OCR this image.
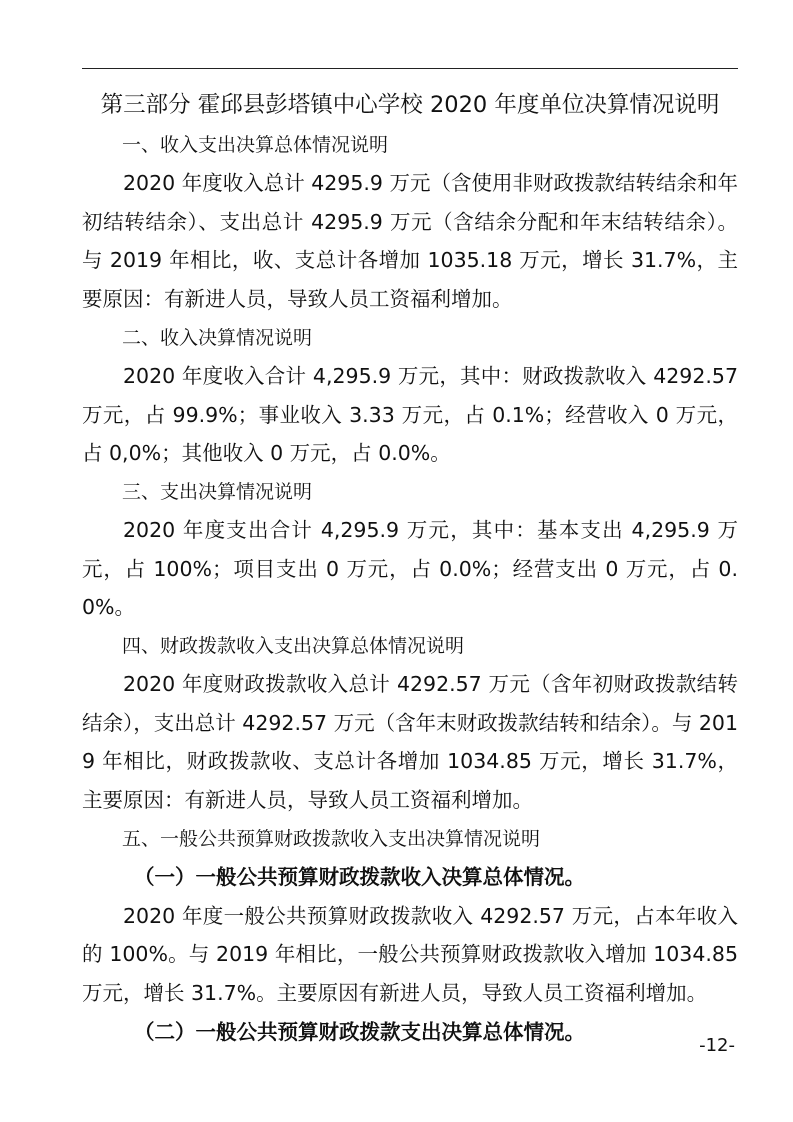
第三部分 霍邱县彭塔镇中心学校 2020 年度单位决算情况说明
一、收入支出决算总体情况说明

2020 年度收入总计 4295.9 万元（含使用非财政拨款结转结余和年初结转结余）、支出总计 4295.9 万元（含结余分配和年末结转结余）。与 2019 年相比，收、支总计各增加 1035.18 万元，增长 31.7%，主要原因：有新进人员，导致人员工资福利增加。

二、收入决算情况说明

2020 年度收入合计 4,295.9 万元，其中：财政拨款收入 4292.57 万元，占 99.9%；事业收入 3.33 万元，占 0.1%；经营收入 0 万元，占 0,0%；其他收入 0 万元，占 0.0%。

三、支出决算情况说明

2020 年度支出合计 4,295.9 万元，其中：基本支出 4,295.9 万元，占 100%；项目支出 0 万元，占 0.0%；经营支出 0 万元，占 0.0%。

四、财政拨款收入支出决算总体情况说明

2020 年度财政拨款收入总计 4292.57 万元（含年初财政拨款结转结余），支出总计 4292.57 万元（含年末财政拨款结转和结余）。与 2019 年相比，财政拨款收、支总计各增加 1034.85 万元，增长 31.7%，主要原因：有新进人员，导致人员工资福利增加。

五、一般公共预算财政拨款收入支出决算情况说明
（一）一般公共预算财政拨款收入决算总体情况。

2020 年度一般公共预算财政拨款收入 4292.57 万元，占本年收入的 100%。与 2019 年相比，一般公共预算财政拨款收入增加 1034.85 万元，增长 31.7%。主要原因有新进人员，导致人员工资福利增加。

（二）一般公共预算财政拨款支出决算总体情况。
-12-
